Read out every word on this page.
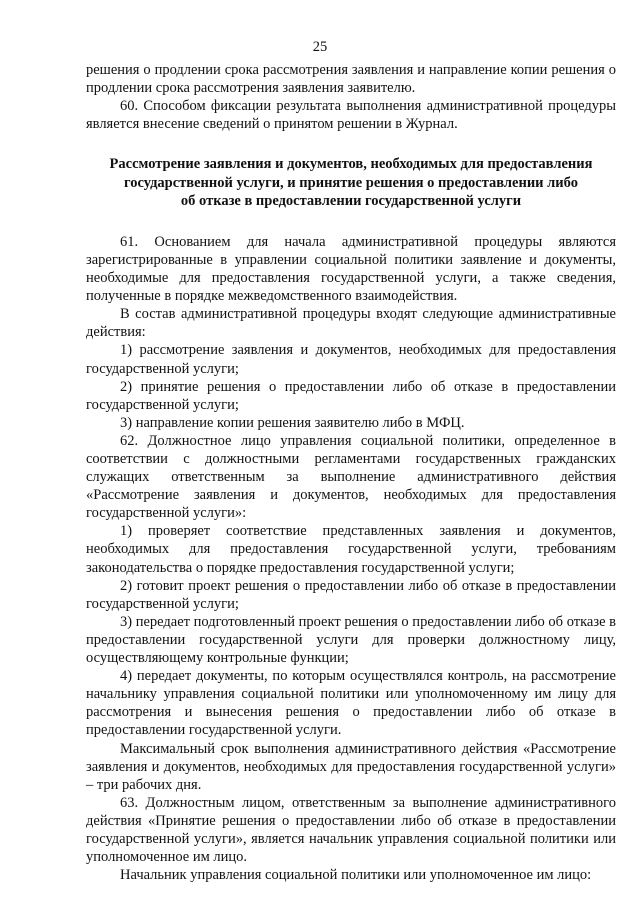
25

решения о продлении срока рассмотрения заявления и направление копии решения о продлении срока рассмотрения заявления заявителю.

60. Способом фиксации результата выполнения административной процедуры является внесение сведений о принятом решении в Журнал.

Рассмотрение заявления и документов, необходимых для предоставления
государственной услуги, и принятие решения о предоставлении либо
об отказе в предоставлении государственной услуги

61. Основанием для начала административной процедуры являются зарегистрированные в управлении социальной политики заявление и документы, необходимые для предоставления государственной услуги, а также сведения, полученные в порядке межведомственного взаимодействия.

В состав административной процедуры входят следующие административные действия:

1) рассмотрение заявления и документов, необходимых для предоставления государственной услуги;

2) принятие решения о предоставлении либо об отказе в предоставлении государственной услуги;

3) направление копии решения заявителю либо в МФЦ.

62. Должностное лицо управления социальной политики, определенное в соответствии с должностными регламентами государственных гражданских служащих ответственным за выполнение административного действия «Рассмотрение заявления и документов, необходимых для предоставления государственной услуги»:

1) проверяет соответствие представленных заявления и документов, необходимых для предоставления государственной услуги, требованиям законодательства о порядке предоставления государственной услуги;

2) готовит проект решения о предоставлении либо об отказе в предоставлении государственной услуги;

3) передает подготовленный проект решения о предоставлении либо об отказе в предоставлении государственной услуги для проверки должностному лицу, осуществляющему контрольные функции;

4) передает документы, по которым осуществлялся контроль, на рассмотрение начальнику управления социальной политики или уполномоченному им лицу для рассмотрения и вынесения решения о предоставлении либо об отказе в предоставлении государственной услуги.

Максимальный срок выполнения административного действия «Рассмотрение заявления и документов, необходимых для предоставления государственной услуги» – три рабочих дня.

63. Должностным лицом, ответственным за выполнение административного действия «Принятие решения о предоставлении либо об отказе в предоставлении государственной услуги», является начальник управления социальной политики или уполномоченное им лицо.

Начальник управления социальной политики или уполномоченное им лицо:
